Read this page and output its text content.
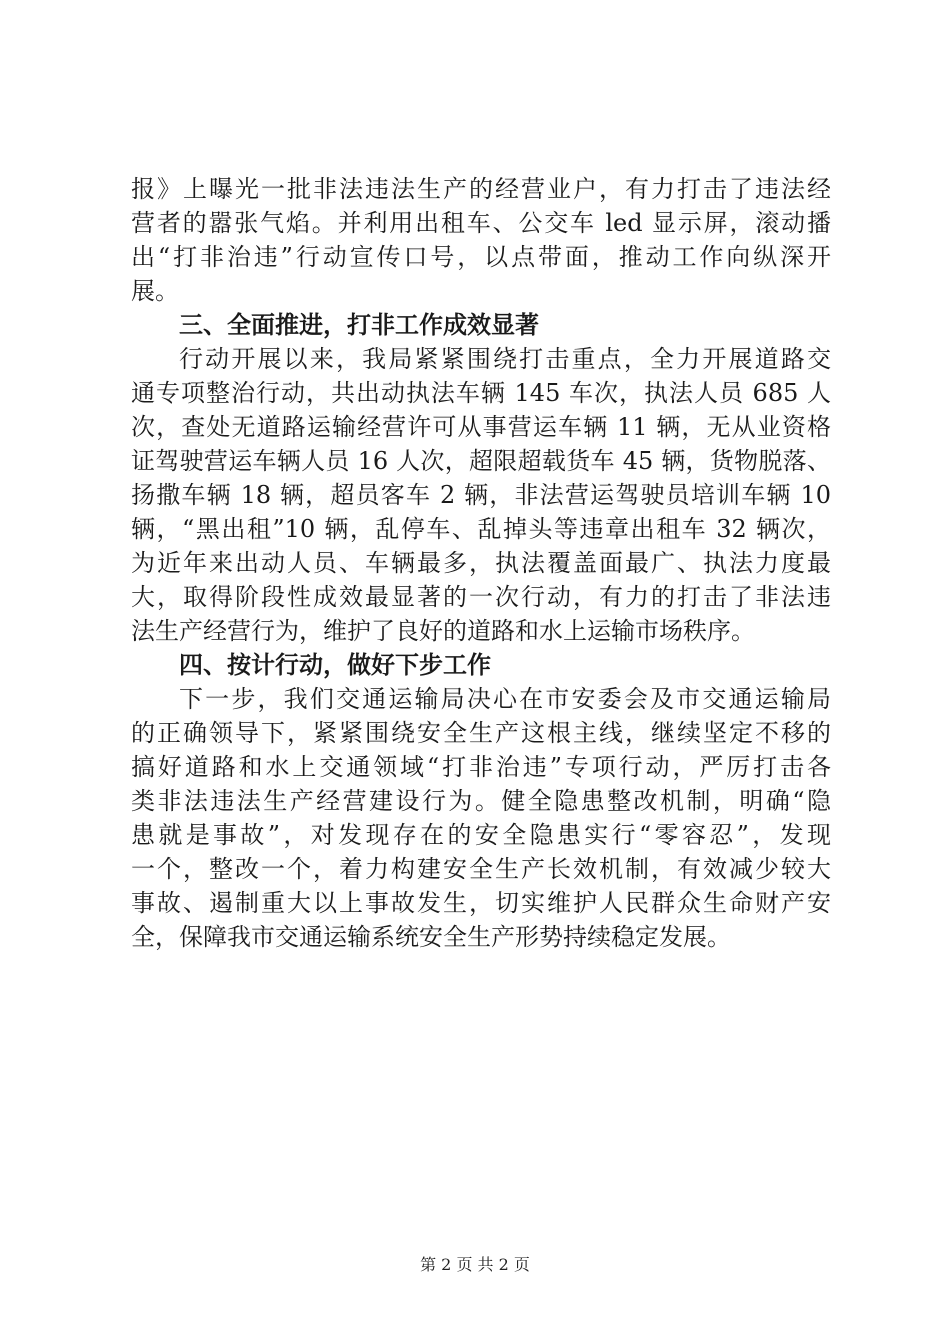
报》上曝光一批非法违法生产的经营业户，有力打击了违法经
营者的嚣张气焰。并利用出租车、公交车 led 显示屏，滚动播
出“打非治违”行动宣传口号，以点带面，推动工作向纵深开
展。
三、全面推进，打非工作成效显著
行动开展以来，我局紧紧围绕打击重点，全力开展道路交
通专项整治行动，共出动执法车辆 145 车次，执法人员 685 人
次，查处无道路运输经营许可从事营运车辆 11 辆，无从业资格
证驾驶营运车辆人员 16 人次，超限超载货车 45 辆，货物脱落、
扬撒车辆 18 辆，超员客车 2 辆，非法营运驾驶员培训车辆 10
辆，“黑出租”10 辆，乱停车、乱掉头等违章出租车 32 辆次，
为近年来出动人员、车辆最多，执法覆盖面最广、执法力度最
大，取得阶段性成效最显著的一次行动，有力的打击了非法违
法生产经营行为，维护了良好的道路和水上运输市场秩序。
四、按计行动，做好下步工作
下一步，我们交通运输局决心在市安委会及市交通运输局
的正确领导下，紧紧围绕安全生产这根主线，继续坚定不移的
搞好道路和水上交通领域“打非治违”专项行动，严厉打击各
类非法违法生产经营建设行为。健全隐患整改机制，明确“隐
患就是事故”，对发现存在的安全隐患实行“零容忍”，发现
一个，整改一个，着力构建安全生产长效机制，有效减少较大
事故、遏制重大以上事故发生，切实维护人民群众生命财产安
全，保障我市交通运输系统安全生产形势持续稳定发展。
第 2 页 共 2 页
